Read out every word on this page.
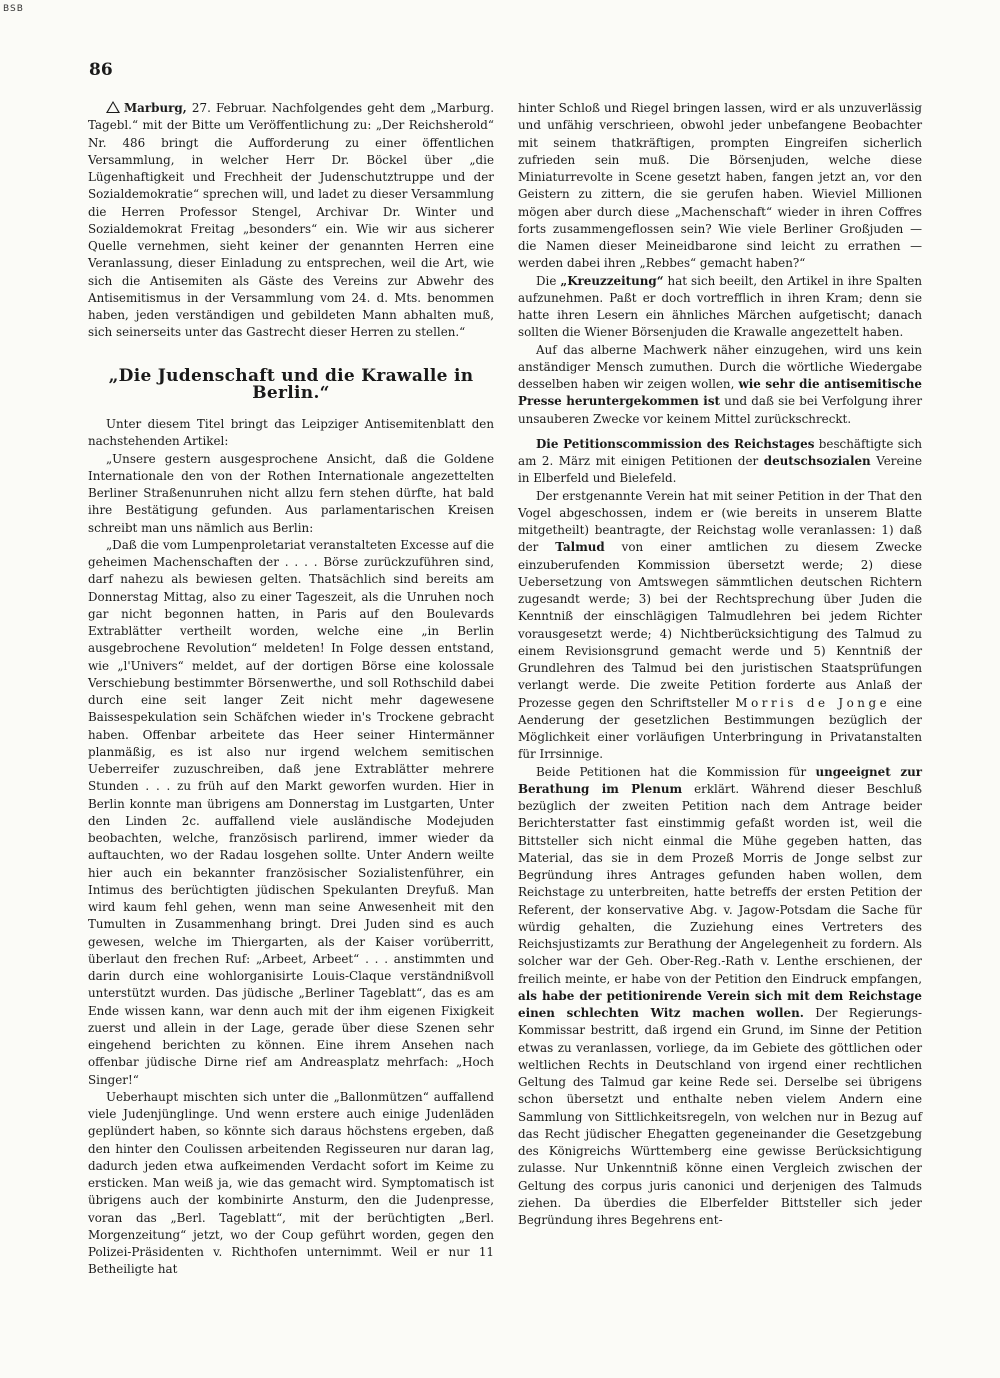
BSB
86

Marburg, 27. Februar. Nachfolgendes geht dem „Marburg. Tagebl.“ mit der Bitte um Veröffentlichung zu: „Der Reichsherold“ Nr. 486 bringt die Aufforderung zu einer öffentlichen Versammlung, in welcher Herr Dr. Böckel über „die Lügenhaftigkeit und Frechheit der Judenschutztruppe und der Sozialdemokratie“ sprechen will, und ladet zu dieser Versammlung die Herren Professor Stengel, Archivar Dr. Winter und Sozialdemokrat Freitag „besonders“ ein. Wie wir aus sicherer Quelle vernehmen, sieht keiner der genannten Herren eine Veranlassung, dieser Einladung zu entsprechen, weil die Art, wie sich die Antisemiten als Gäste des Vereins zur Abwehr des Antisemitismus in der Versammlung vom 24. d. Mts. benommen haben, jeden verständigen und gebildeten Mann abhalten muß, sich seinerseits unter das Gastrecht dieser Herren zu stellen.“

„Die Judenschaft und die Krawalle in Berlin.“

Unter diesem Titel bringt das Leipziger Antisemitenblatt den nachstehenden Artikel:

„Unsere gestern ausgesprochene Ansicht, daß die Goldene Internationale den von der Rothen Internationale angezettelten Berliner Straßenunruhen nicht allzu fern stehen dürfte, hat bald ihre Bestätigung gefunden. Aus parlamentarischen Kreisen schreibt man uns nämlich aus Berlin:

„Daß die vom Lumpenproletariat veranstalteten Excesse auf die geheimen Machenschaften der . . . . Börse zurückzuführen sind, darf nahezu als bewiesen gelten. Thatsächlich sind bereits am Donnerstag Mittag, also zu einer Tageszeit, als die Unruhen noch gar nicht begonnen hatten, in Paris auf den Boulevards Extrablätter vertheilt worden, welche eine „in Berlin ausgebrochene Revolution“ meldeten! In Folge dessen entstand, wie „l'Univers“ meldet, auf der dortigen Börse eine kolossale Verschiebung bestimmter Börsenwerthe, und soll Rothschild dabei durch eine seit langer Zeit nicht mehr dagewesene Baissespekulation sein Schäfchen wieder in's Trockene gebracht haben. Offenbar arbeitete das Heer seiner Hintermänner planmäßig, es ist also nur irgend welchem semitischen Ueberreifer zuzuschreiben, daß jene Extrablätter mehrere Stunden . . . zu früh auf den Markt geworfen wurden. Hier in Berlin konnte man übrigens am Donnerstag im Lustgarten, Unter den Linden 2c. auffallend viele ausländische Modejuden beobachten, welche, französisch parlirend, immer wieder da auftauchten, wo der Radau losgehen sollte. Unter Andern weilte hier auch ein bekannter französischer Sozialistenführer, ein Intimus des berüchtigten jüdischen Spekulanten Dreyfuß. Man wird kaum fehl gehen, wenn man seine Anwesenheit mit den Tumulten in Zusammenhang bringt. Drei Juden sind es auch gewesen, welche im Thiergarten, als der Kaiser vorüberritt, überlaut den frechen Ruf: „Arbeet, Arbeet“ . . . anstimmten und darin durch eine wohlorganisirte Louis-Claque verständnißvoll unterstützt wurden. Das jüdische „Berliner Tageblatt“, das es am Ende wissen kann, war denn auch mit der ihm eigenen Fixigkeit zuerst und allein in der Lage, gerade über diese Szenen sehr eingehend berichten zu können. Eine ihrem Ansehen nach offenbar jüdische Dirne rief am Andreasplatz mehrfach: „Hoch Singer!“

Ueberhaupt mischten sich unter die „Ballonmützen“ auffallend viele Judenjünglinge. Und wenn erstere auch einige Judenläden geplündert haben, so könnte sich daraus höchstens ergeben, daß den hinter den Coulissen arbeitenden Regisseuren nur daran lag, dadurch jeden etwa aufkeimenden Verdacht sofort im Keime zu ersticken. Man weiß ja, wie das gemacht wird. Symptomatisch ist übrigens auch der kombinirte Ansturm, den die Judenpresse, voran das „Berl. Tageblatt“, mit der berüchtigten „Berl. Morgenzeitung“ jetzt, wo der Coup geführt worden, gegen den Polizei-Präsidenten v. Richthofen unternimmt. Weil er nur 11 Betheiligte hat

hinter Schloß und Riegel bringen lassen, wird er als unzuverlässig und unfähig verschrieen, obwohl jeder unbefangene Beobachter mit seinem thatkräftigen, prompten Eingreifen sicherlich zufrieden sein muß. Die Börsenjuden, welche diese Miniaturrevolte in Scene gesetzt haben, fangen jetzt an, vor den Geistern zu zittern, die sie gerufen haben. Wieviel Millionen mögen aber durch diese „Machenschaft“ wieder in ihren Coffres forts zusammengeflossen sein? Wie viele Berliner Großjuden — die Namen dieser Meineidbarone sind leicht zu errathen — werden dabei ihren „Rebbes“ gemacht haben?“

Die „Kreuzzeitung“ hat sich beeilt, den Artikel in ihre Spalten aufzunehmen. Paßt er doch vortrefflich in ihren Kram; denn sie hatte ihren Lesern ein ähnliches Märchen aufgetischt; danach sollten die Wiener Börsenjuden die Krawalle angezettelt haben.

Auf das alberne Machwerk näher einzugehen, wird uns kein anständiger Mensch zumuthen. Durch die wörtliche Wiedergabe desselben haben wir zeigen wollen, wie sehr die antisemitische Presse heruntergekommen ist und daß sie bei Verfolgung ihrer unsauberen Zwecke vor keinem Mittel zurückschreckt.

Die Petitionscommission des Reichstages beschäftigte sich am 2. März mit einigen Petitionen der deutschsozialen Vereine in Elberfeld und Bielefeld.

Der erstgenannte Verein hat mit seiner Petition in der That den Vogel abgeschossen, indem er (wie bereits in unserem Blatte mitgetheilt) beantragte, der Reichstag wolle veranlassen: 1) daß der Talmud von einer amtlichen zu diesem Zwecke einzuberufenden Kommission übersetzt werde; 2) diese Uebersetzung von Amtswegen sämmtlichen deutschen Richtern zugesandt werde; 3) bei der Rechtsprechung über Juden die Kenntniß der einschlägigen Talmudlehren bei jedem Richter vorausgesetzt werde; 4) Nichtberücksichtigung des Talmud zu einem Revisionsgrund gemacht werde und 5) Kenntniß der Grundlehren des Talmud bei den juristischen Staatsprüfungen verlangt werde. Die zweite Petition forderte aus Anlaß der Prozesse gegen den Schriftsteller Morris de Jonge eine Aenderung der gesetzlichen Bestimmungen bezüglich der Möglichkeit einer vorläufigen Unterbringung in Privatanstalten für Irrsinnige.

Beide Petitionen hat die Kommission für ungeeignet zur Berathung im Plenum erklärt. Während dieser Beschluß bezüglich der zweiten Petition nach dem Antrage beider Berichterstatter fast einstimmig gefaßt worden ist, weil die Bittsteller sich nicht einmal die Mühe gegeben hatten, das Material, das sie in dem Prozeß Morris de Jonge selbst zur Begründung ihres Antrages gefunden haben wollen, dem Reichstage zu unterbreiten, hatte betreffs der ersten Petition der Referent, der konservative Abg. v. Jagow-Potsdam die Sache für würdig gehalten, die Zuziehung eines Vertreters des Reichsjustizamts zur Berathung der Angelegenheit zu fordern. Als solcher war der Geh. Ober-Reg.-Rath v. Lenthe erschienen, der freilich meinte, er habe von der Petition den Eindruck empfangen, als habe der petitionirende Verein sich mit dem Reichstage einen schlechten Witz machen wollen. Der Regierungs-Kommissar bestritt, daß irgend ein Grund, im Sinne der Petition etwas zu veranlassen, vorliege, da im Gebiete des göttlichen oder weltlichen Rechts in Deutschland von irgend einer rechtlichen Geltung des Talmud gar keine Rede sei. Derselbe sei übrigens schon übersetzt und enthalte neben vielem Andern eine Sammlung von Sittlichkeitsregeln, von welchen nur in Bezug auf das Recht jüdischer Ehegatten gegeneinander die Gesetzgebung des Königreichs Württemberg eine gewisse Berücksichtigung zulasse. Nur Unkenntniß könne einen Vergleich zwischen der Geltung des corpus juris canonici und derjenigen des Talmuds ziehen. Da überdies die Elberfelder Bittsteller sich jeder Begründung ihres Begehrens ent-
